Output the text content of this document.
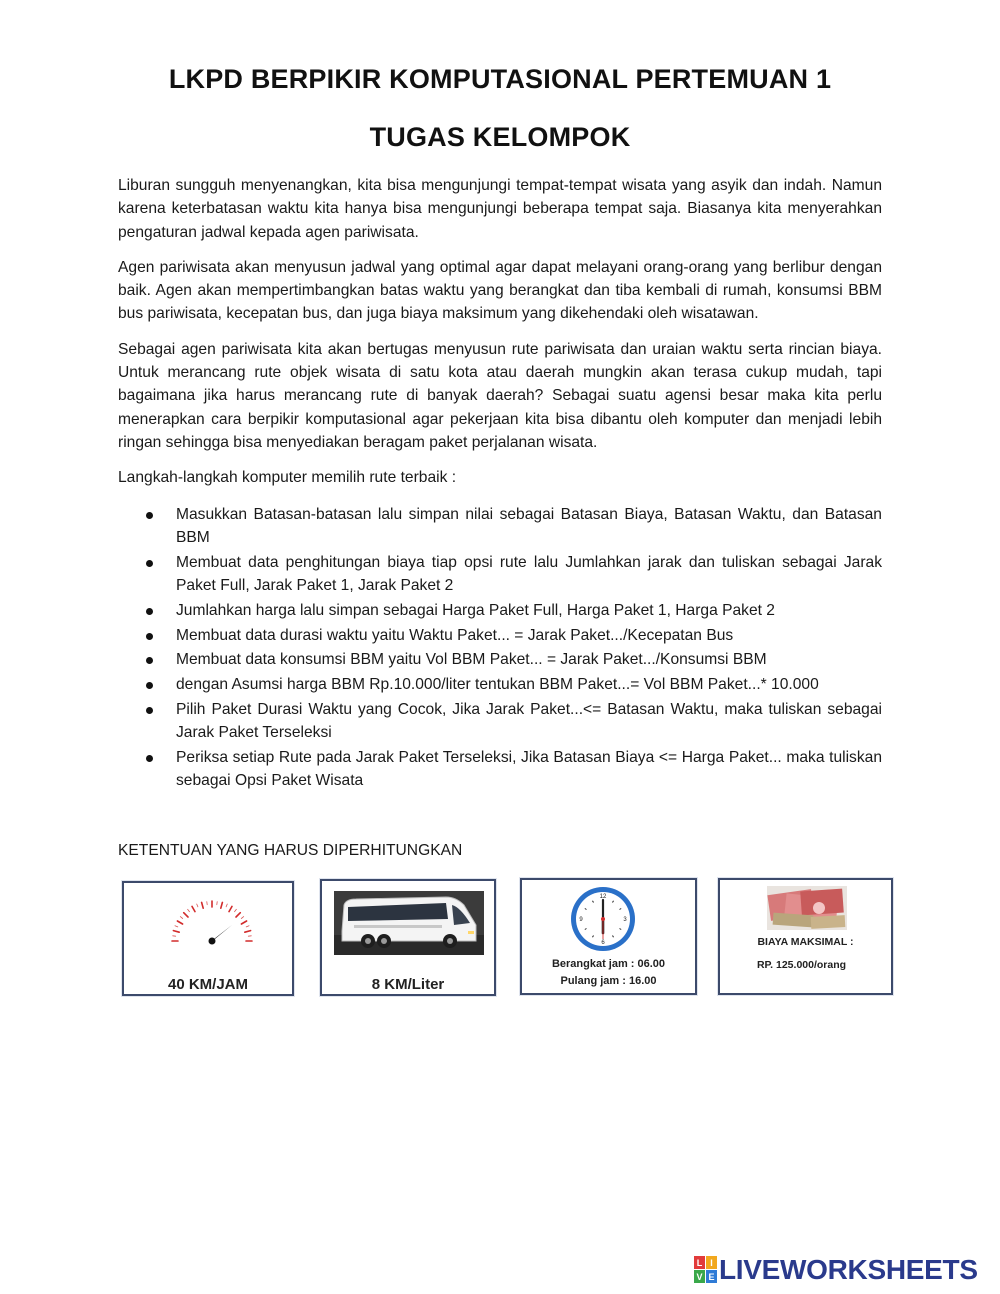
LKPD BERPIKIR KOMPUTASIONAL PERTEMUAN 1
TUGAS KELOMPOK

Liburan sungguh menyenangkan, kita bisa mengunjungi tempat-tempat wisata yang asyik dan indah. Namun karena keterbatasan waktu kita hanya bisa mengunjungi beberapa tempat saja. Biasanya kita menyerahkan pengaturan jadwal kepada agen pariwisata.

Agen pariwisata akan menyusun jadwal yang optimal agar dapat melayani orang-orang yang berlibur dengan baik. Agen akan mempertimbangkan batas waktu yang berangkat dan tiba kembali di rumah, konsumsi BBM bus pariwisata, kecepatan bus, dan juga biaya maksimum yang dikehendaki oleh wisatawan.

Sebagai agen pariwisata kita akan bertugas menyusun rute pariwisata dan uraian waktu serta rincian biaya. Untuk merancang rute objek wisata di satu kota atau daerah mungkin akan terasa cukup mudah, tapi bagaimana jika harus merancang rute di banyak daerah? Sebagai suatu agensi besar maka kita perlu menerapkan cara berpikir komputasional agar pekerjaan kita bisa dibantu oleh komputer dan menjadi lebih ringan sehingga bisa menyediakan beragam paket perjalanan wisata.

Langkah-langkah komputer memilih rute terbaik :

Masukkan Batasan-batasan lalu simpan nilai sebagai Batasan Biaya, Batasan Waktu, dan Batasan BBM
Membuat data penghitungan biaya tiap opsi rute lalu Jumlahkan jarak dan tuliskan sebagai Jarak Paket Full, Jarak Paket 1, Jarak Paket 2
Jumlahkan harga lalu simpan sebagai Harga Paket Full, Harga Paket 1, Harga Paket 2
Membuat data durasi waktu yaitu Waktu Paket... = Jarak Paket.../Kecepatan Bus
Membuat data konsumsi BBM yaitu Vol BBM Paket... = Jarak Paket.../Konsumsi BBM
dengan Asumsi harga BBM Rp.10.000/liter tentukan BBM Paket...= Vol BBM Paket...* 10.000
Pilih Paket Durasi Waktu yang Cocok, Jika Jarak Paket...<= Batasan Waktu, maka tuliskan sebagai Jarak Paket Terseleksi
Periksa setiap Rute pada Jarak Paket Terseleksi, Jika Batasan Biaya <= Harga Paket... maka tuliskan sebagai Opsi Paket Wisata
KETENTUAN YANG HARUS DIPERHITUNGKAN
40 KM/JAM	8 KM/Liter
12
3
6
9
Berangkat jam : 06.00
Pulang jam : 16.00
BIAYA MAKSIMAL :
RP. 125.000/orang
L I
V E LIVEWORKSHEETS
